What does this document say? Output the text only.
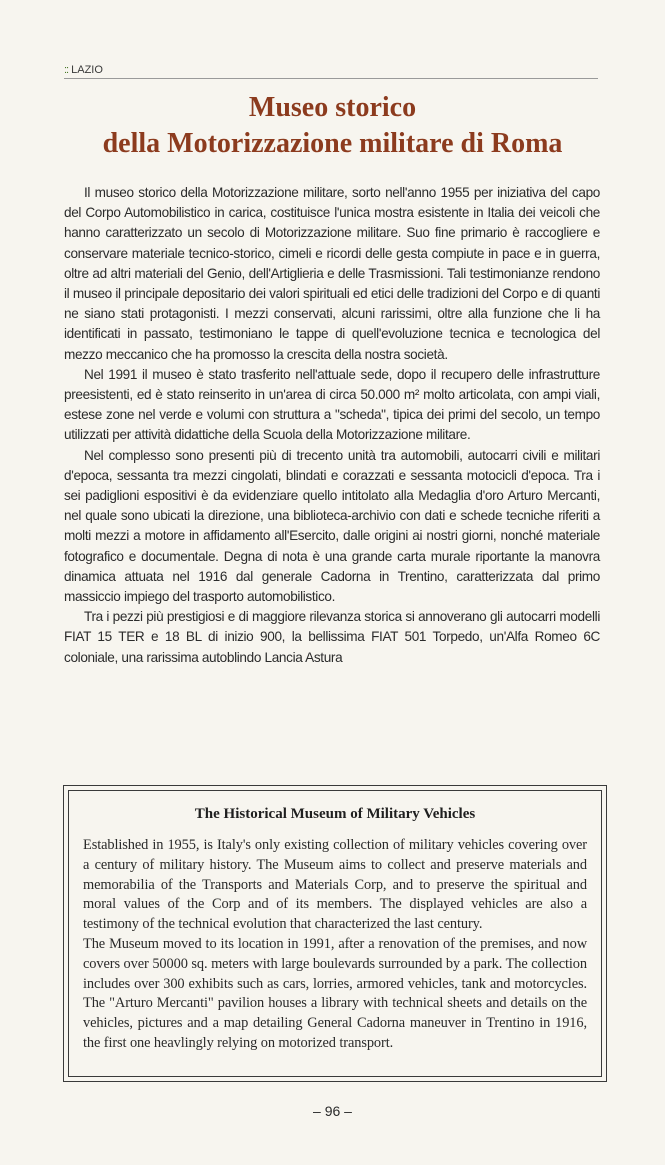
:: LAZIO
Museo storico
della Motorizzazione militare di Roma

Il museo storico della Motorizzazione militare, sorto nell'anno 1955 per iniziativa del capo del Corpo Automobilistico in carica, costituisce l'unica mostra esistente in Italia dei veicoli che hanno caratterizzato un secolo di Motorizzazione militare. Suo fine primario è raccogliere e conservare materiale tecnico-storico, cimeli e ricordi delle gesta compiute in pace e in guerra, oltre ad altri materiali del Genio, dell'Artiglieria e delle Trasmissioni. Tali testimonianze rendono il museo il principale depositario dei valori spirituali ed etici delle tradizioni del Corpo e di quanti ne siano stati protagonisti. I mezzi conservati, alcuni rarissimi, oltre alla funzione che li ha identificati in passato, testimoniano le tappe di quell'evoluzione tecnica e tecnologica del mezzo meccanico che ha promosso la crescita della nostra società.

Nel 1991 il museo è stato trasferito nell'attuale sede, dopo il recupero delle infrastrutture preesistenti, ed è stato reinserito in un'area di circa 50.000 m² molto articolata, con ampi viali, estese zone nel verde e volumi con struttura a "scheda", tipica dei primi del secolo, un tempo utilizzati per attività didattiche della Scuola della Motorizzazione militare.

Nel complesso sono presenti più di trecento unità tra automobili, autocarri civili e militari d'epoca, sessanta tra mezzi cingolati, blindati e corazzati e sessanta motocicli d'epoca. Tra i sei padiglioni espositivi è da evidenziare quello intitolato alla Medaglia d'oro Arturo Mercanti, nel quale sono ubicati la direzione, una biblioteca-archivio con dati e schede tecniche riferiti a molti mezzi a motore in affidamento all'Esercito, dalle origini ai nostri giorni, nonché materiale fotografico e documentale. Degna di nota è una grande carta murale riportante la manovra dinamica attuata nel 1916 dal generale Cadorna in Trentino, caratterizzata dal primo massiccio impiego del trasporto automobilistico.

Tra i pezzi più prestigiosi e di maggiore rilevanza storica si annoverano gli autocarri modelli FIAT 15 TER e 18 BL di inizio 900, la bellissima FIAT 501 Torpedo, un'Alfa Romeo 6C coloniale, una rarissima autoblindo Lancia Astura

The Historical Museum of Military Vehicles

Established in 1955, is Italy's only existing collection of military vehicles covering over a century of military history. The Museum aims to collect and preserve materials and memorabilia of the Transports and Materials Corp, and to preserve the spiritual and moral values of the Corp and of its members. The displayed vehicles are also a testimony of the technical evolution that characterized the last century.

The Museum moved to its location in 1991, after a renovation of the premises, and now covers over 50000 sq. meters with large boulevards surrounded by a park. The collection includes over 300 exhibits such as cars, lorries, armored vehicles, tank and motorcycles. The "Arturo Mercanti" pavilion houses a library with technical sheets and details on the vehicles, pictures and a map detailing General Cadorna maneuver in Trentino in 1916, the first one heavlingly relying on motorized transport.

– 96 –
